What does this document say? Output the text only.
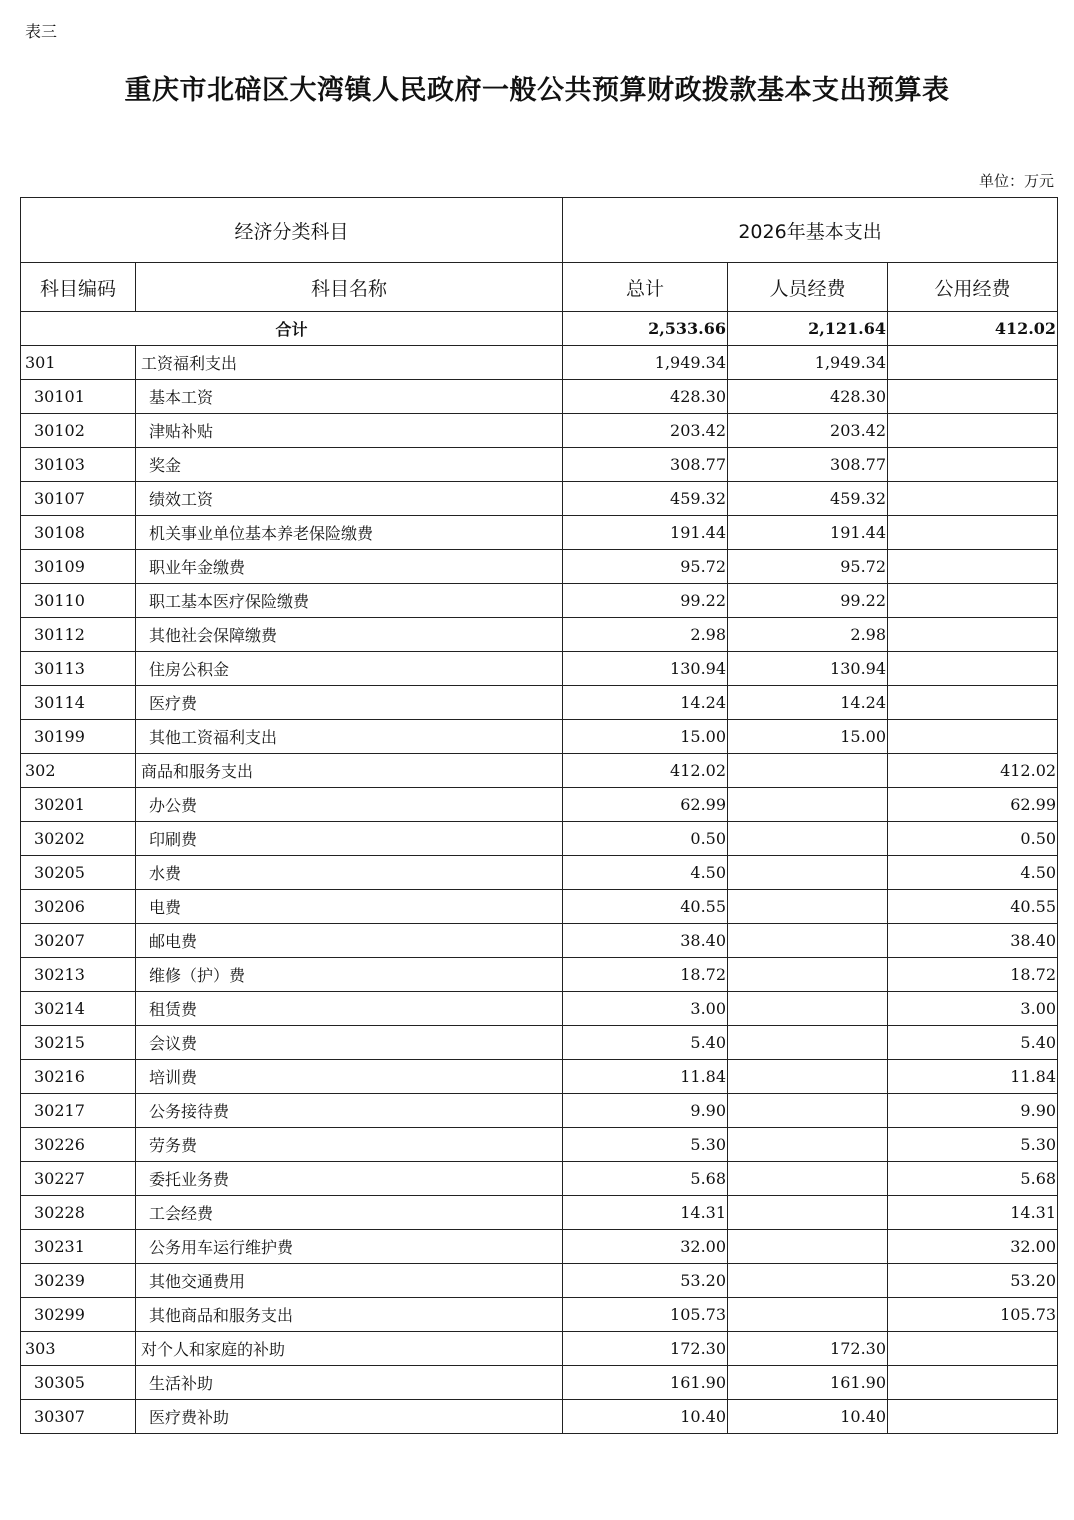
表三
重庆市北碚区大湾镇人民政府一般公共预算财政拨款基本支出预算表
单位：万元
经济分类科目		2026年基本支出		
科目编码	科目名称	总计	人员经费	公用经费
合计		2,533.66	2,121.64	412.02
301	工资福利支出	1,949.34	1,949.34	
30101	基本工资	428.30	428.30	
30102	津贴补贴	203.42	203.42	
30103	奖金	308.77	308.77	
30107	绩效工资	459.32	459.32	
30108	机关事业单位基本养老保险缴费	191.44	191.44	
30109	职业年金缴费	95.72	95.72	
30110	职工基本医疗保险缴费	99.22	99.22	
30112	其他社会保障缴费	2.98	2.98	
30113	住房公积金	130.94	130.94	
30114	医疗费	14.24	14.24	
30199	其他工资福利支出	15.00	15.00	
302	商品和服务支出	412.02		412.02
30201	办公费	62.99		62.99
30202	印刷费	0.50		0.50
30205	水费	4.50		4.50
30206	电费	40.55		40.55
30207	邮电费	38.40		38.40
30213	维修（护）费	18.72		18.72
30214	租赁费	3.00		3.00
30215	会议费	5.40		5.40
30216	培训费	11.84		11.84
30217	公务接待费	9.90		9.90
30226	劳务费	5.30		5.30
30227	委托业务费	5.68		5.68
30228	工会经费	14.31		14.31
30231	公务用车运行维护费	32.00		32.00
30239	其他交通费用	53.20		53.20
30299	其他商品和服务支出	105.73		105.73
303	对个人和家庭的补助	172.30	172.30	
30305	生活补助	161.90	161.90	
30307	医疗费补助	10.40	10.40	
